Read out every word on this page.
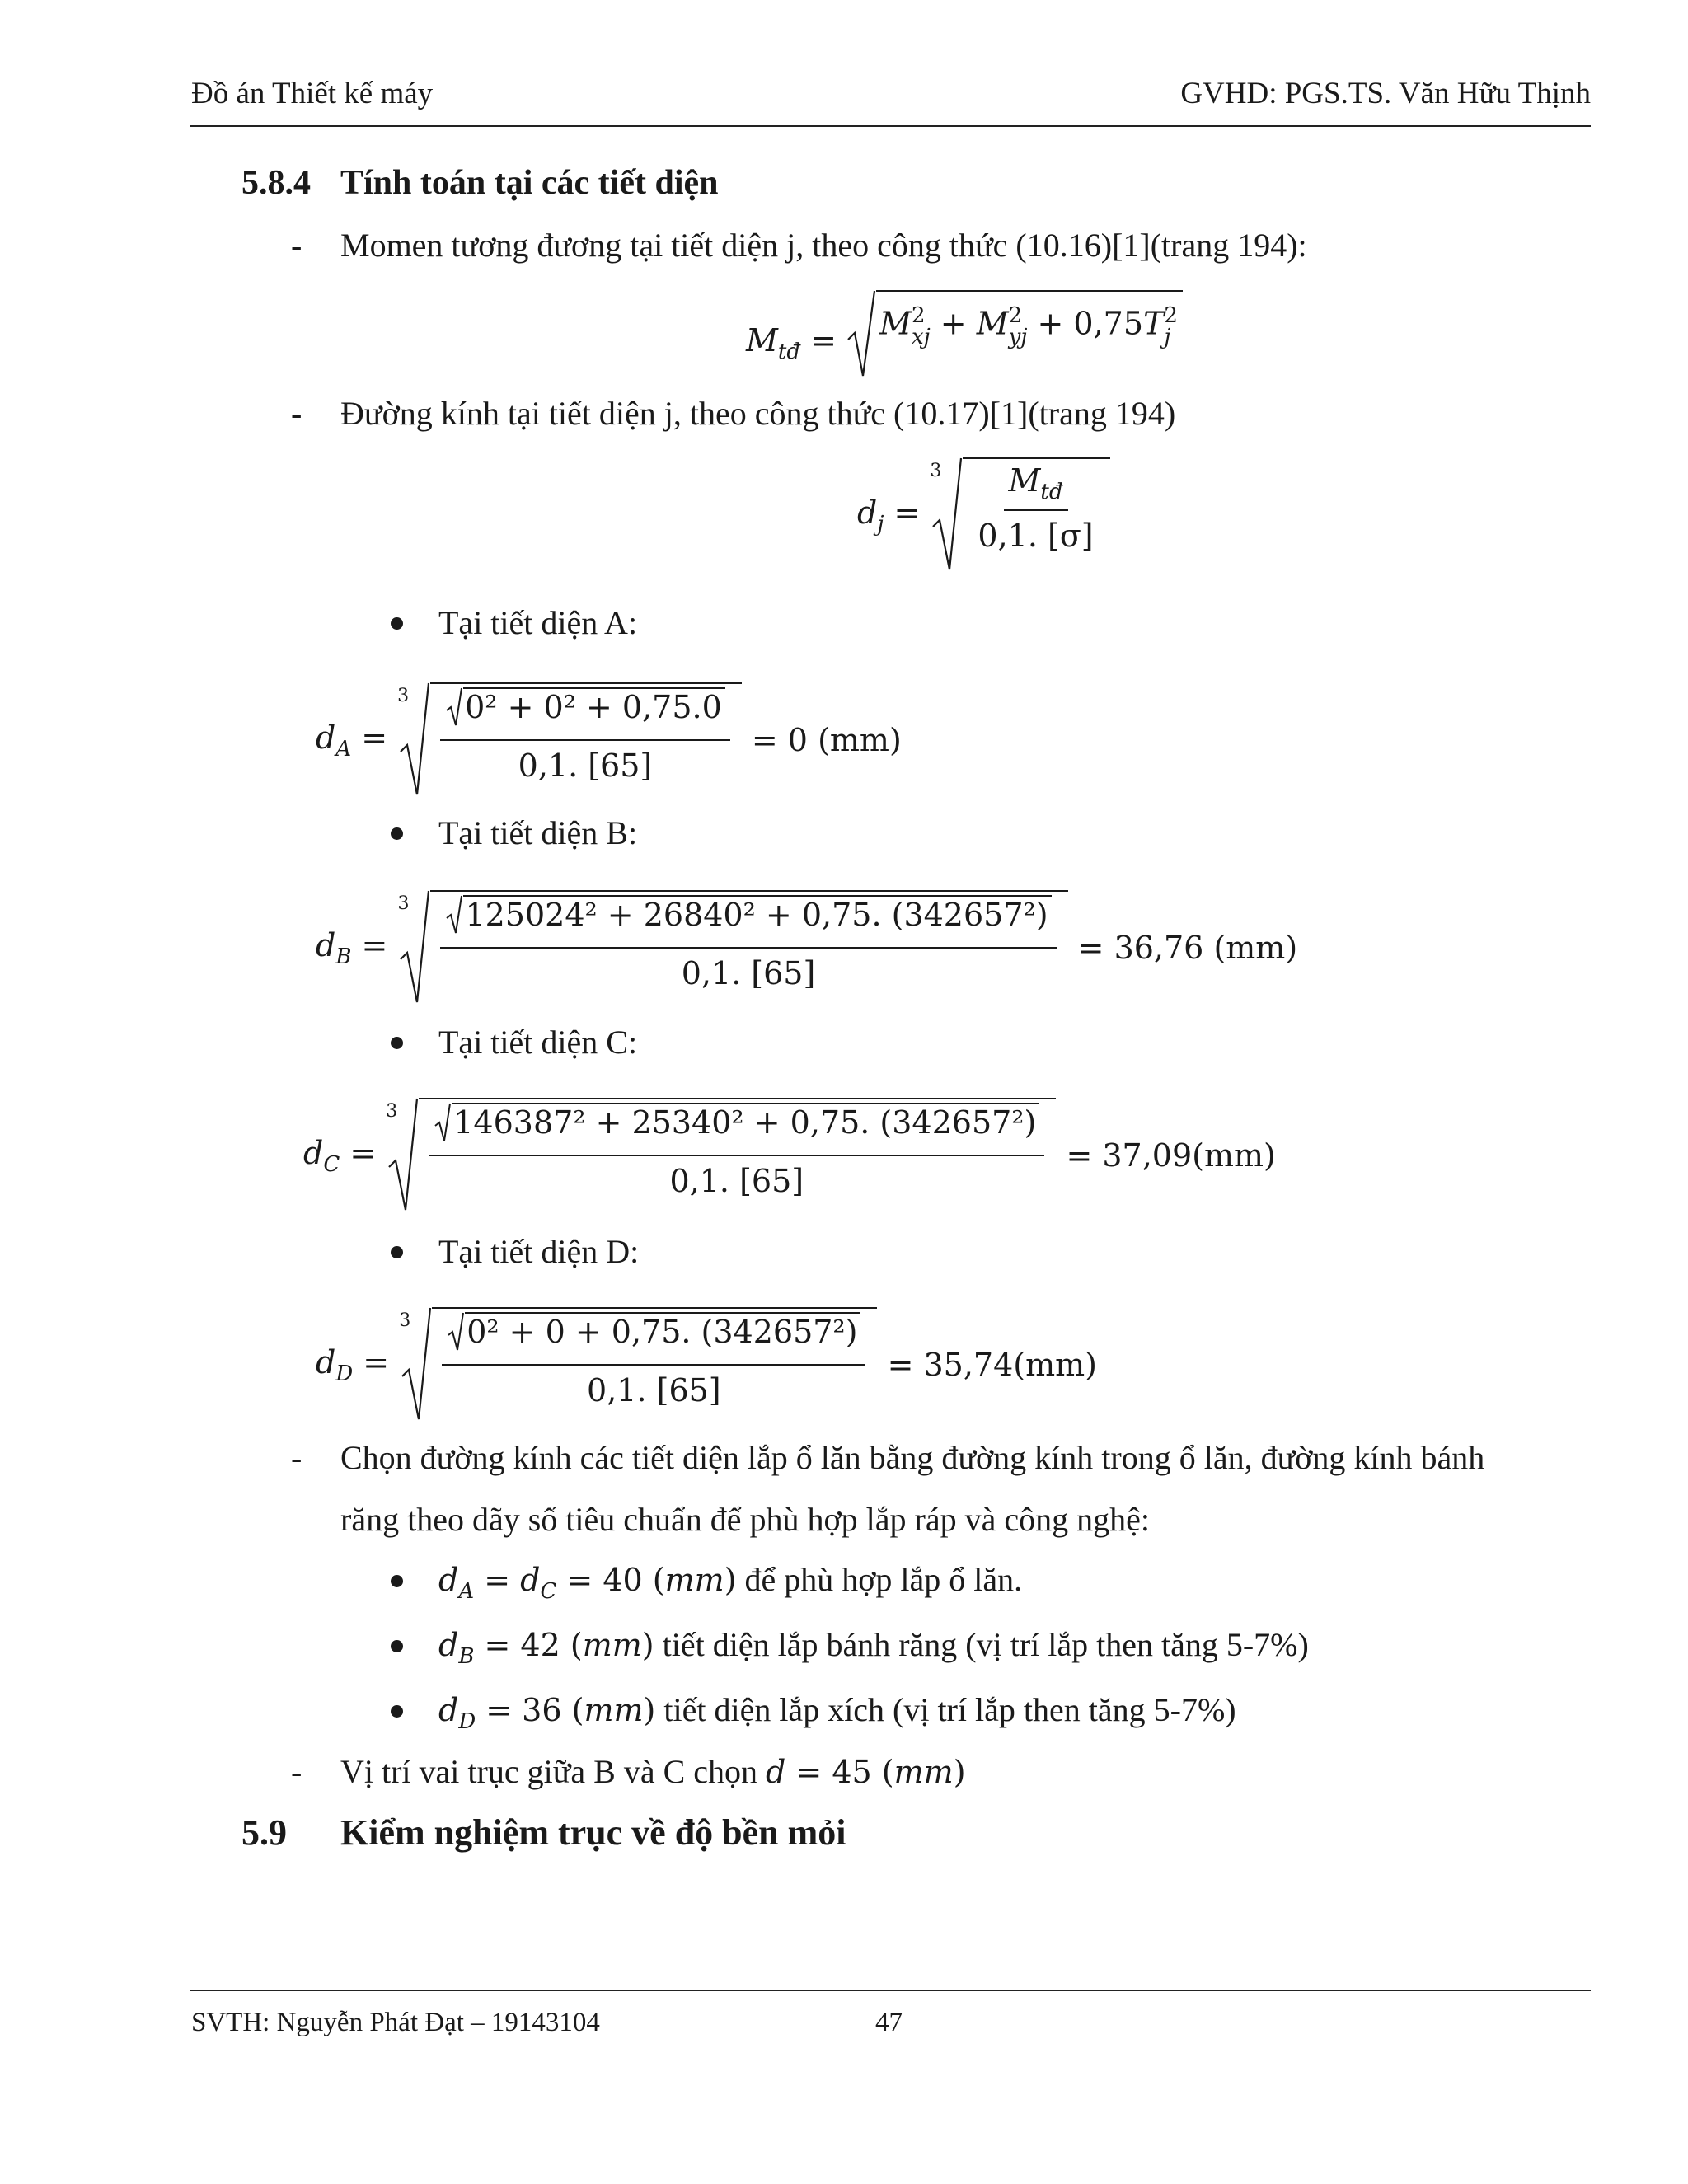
Đồ án Thiết kế máy	GVHD: PGS.TS. Văn Hữu Thịnh
5.8.4 Tính toán tại các tiết diện
- Momen tương đương tại tiết diện j, theo công thức (10.16)[1](trang 194):
$M_{tđ} = M$ 2
xj + M 2
yj + 0,75T 2
j
- Đường kính tại tiết diện j, theo công thức (10.17)[1](trang 194)
$d_j$ =
$3 \frac{M_{tđ}}{0,1. [\sigma]}$
Tại tiết diện A:
$d_A$ =
$3 \frac{\text{0² + 0² + 0,75.0}}{0,1. [65]} = 0$ (mm)
Tại tiết diện B:
$d_B$ =
$3 \frac{\text{125024² + 26840² + 0,75. (342657²)}}{0,1. [65]} = 36,76$ (mm)
Tại tiết diện C:
$d_C$ =
$3 \frac{\text{146387² + 25340² + 0,75. (342657²)}}{0,1. [65]} = 37,09(mm)$
Tại tiết diện D:
$d_D$ =
$3 \frac{\text{0² + 0 + 0,75. (342657²)}}{0,1. [65]} = 35,74(mm)$
- Chọn đường kính các tiết diện lắp ổ lăn bằng đường kính trong ổ lăn, đường kính bánh
răng theo dãy số tiêu chuẩn để phù hợp lắp ráp và công nghệ:
$d_A = d_C = 40$ (mm) để phù hợp lắp ổ lăn.
$d_B = 42$ (mm) tiết diện lắp bánh răng (vị trí lắp then tăng 5-7%)
$d_D = 36$ (mm) tiết diện lắp xích (vị trí lắp then tăng 5-7%)
- Vị trí vai trục giữa B và C chọn d = 45 (mm)
5.9 Kiểm nghiệm trục về độ bền mỏi
SVTH: Nguyễn Phát Đạt – 19143104	47
